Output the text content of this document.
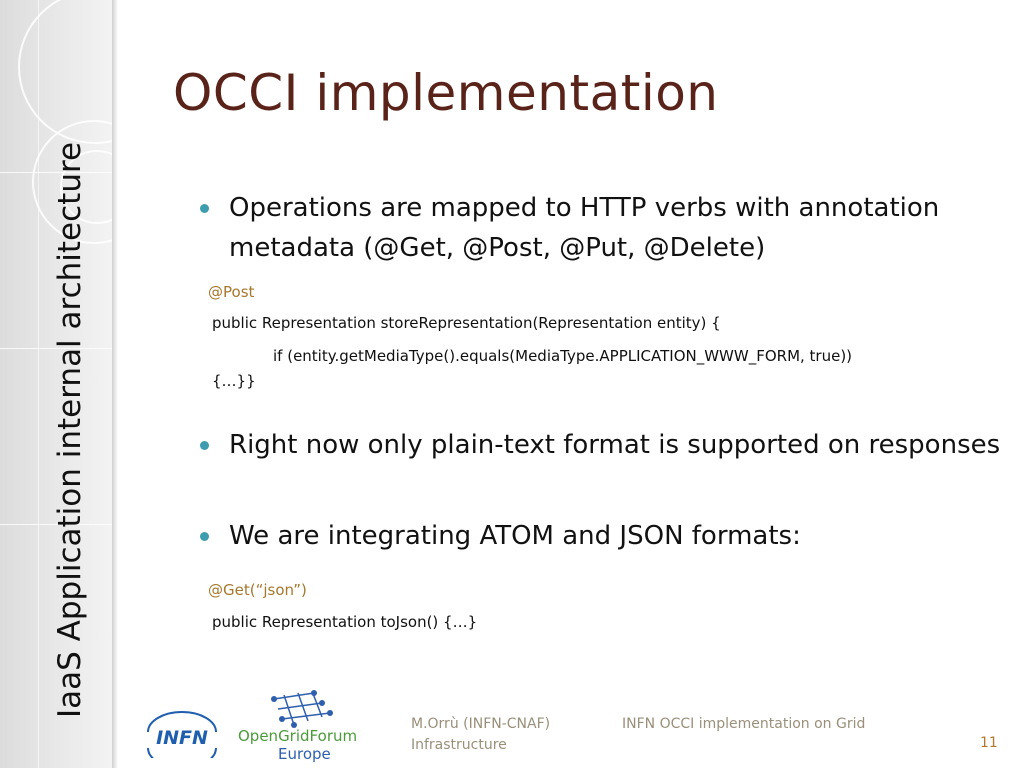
IaaS Application internal architecture
OCCI implementation
Operations are mapped to HTTP verbs with annotation metadata (@Get, @Post, @Put, @Delete)
@Post
public Representation storeRepresentation(Representation entity) {
if (entity.getMediaType().equals(MediaType.APPLICATION_WWW_FORM, true))
{…}}
Right now only plain-text format is supported on responses
We are integrating ATOM and JSON formats:
@Get(“json”)
public Representation toJson() {…}
INFN OpenGridForum
Europe
M.Orrù (INFN-CNAF)	INFN OCCI implementation on Grid
Infrastructure	11
